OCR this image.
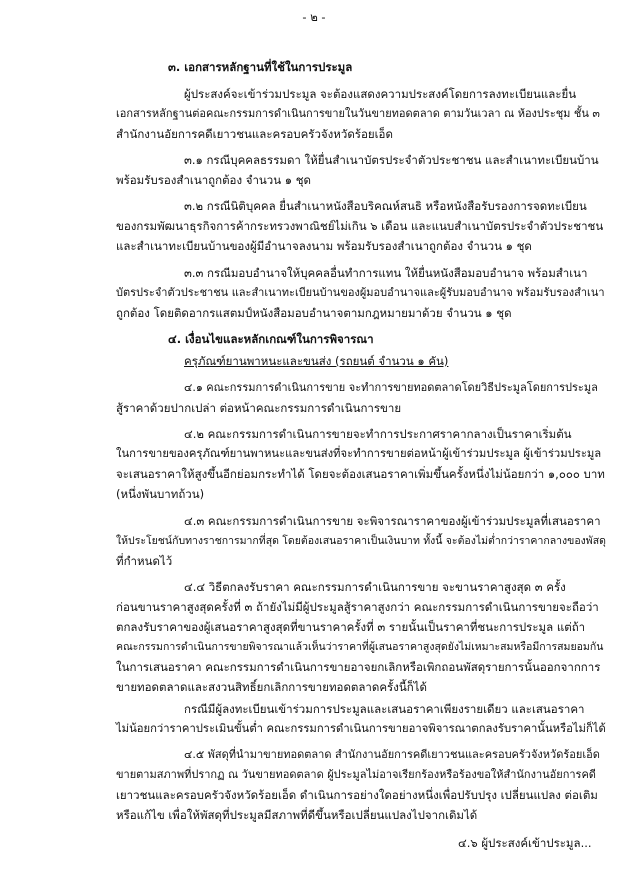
- ๒ -
๓. เอกสารหลักฐานที่ใช้ในการประมูล
ผู้ประสงค์จะเข้าร่วมประมูล จะต้องแสดงความประสงค์โดยการลงทะเบียนและยื่น
เอกสารหลักฐานต่อคณะกรรมการดำเนินการขายในวันขายทอดตลาด ตามวันเวลา ณ ห้องประชุม ชั้น ๓
สำนักงานอัยการคดีเยาวชนและครอบครัวจังหวัดร้อยเอ็ด
๓.๑ กรณีบุคคลธรรมดา ให้ยื่นสำเนาบัตรประจำตัวประชาชน และสำเนาทะเบียนบ้าน
พร้อมรับรองสำเนาถูกต้อง จำนวน ๑ ชุด
๓.๒ กรณีนิติบุคคล ยื่นสำเนาหนังสือบริคณห์สนธิ หรือหนังสือรับรองการจดทะเบียน
ของกรมพัฒนาธุรกิจการค้ากระทรวงพาณิชย์ไม่เกิน ๖ เดือน และแนบสำเนาบัตรประจำตัวประชาชน
และสำเนาทะเบียนบ้านของผู้มีอำนาจลงนาม พร้อมรับรองสำเนาถูกต้อง จำนวน ๑ ชุด
๓.๓ กรณีมอบอำนาจให้บุคคลอื่นทำการแทน ให้ยื่นหนังสือมอบอำนาจ พร้อมสำเนา
บัตรประจำตัวประชาชน และสำเนาทะเบียนบ้านของผู้มอบอำนาจและผู้รับมอบอำนาจ พร้อมรับรองสำเนา
ถูกต้อง โดยติดอากรแสตมป์หนังสือมอบอำนาจตามกฎหมายมาด้วย จำนวน ๑ ชุด
๔. เงื่อนไขและหลักเกณฑ์ในการพิจารณา
ครุภัณฑ์ยานพาหนะและขนส่ง (รถยนต์ จำนวน ๑ คัน)
๔.๑ คณะกรรมการดำเนินการขาย จะทำการขายทอดตลาดโดยวิธีประมูลโดยการประมูล
สู้ราคาด้วยปากเปล่า ต่อหน้าคณะกรรมการดำเนินการขาย
๔.๒ คณะกรรมการดำเนินการขายจะทำการประกาศราคากลางเป็นราคาเริ่มต้น
ในการขายของครุภัณฑ์ยานพาหนะและขนส่งที่จะทำการขายต่อหน้าผู้เข้าร่วมประมูล ผู้เข้าร่วมประมูล
จะเสนอราคาให้สูงขึ้นอีกย่อมกระทำได้ โดยจะต้องเสนอราคาเพิ่มขึ้นครั้งหนึ่งไม่น้อยกว่า ๑,๐๐๐ บาท
(หนึ่งพันบาทถ้วน)
๔.๓ คณะกรรมการดำเนินการขาย จะพิจารณาราคาของผู้เข้าร่วมประมูลที่เสนอราคา
ให้ประโยชน์กับทางราชการมากที่สุด โดยต้องเสนอราคาเป็นเงินบาท ทั้งนี้ จะต้องไม่ต่ำกว่าราคากลางของพัสดุ
ที่กำหนดไว้
๔.๔ วิธีตกลงรับราคา คณะกรรมการดำเนินการขาย จะขานราคาสูงสุด ๓ ครั้ง
ก่อนขานราคาสูงสุดครั้งที่ ๓ ถ้ายังไม่มีผู้ประมูลสู้ราคาสูงกว่า คณะกรรมการดำเนินการขายจะถือว่า
ตกลงรับราคาของผู้เสนอราคาสูงสุดที่ขานราคาครั้งที่ ๓ รายนั้นเป็นราคาที่ชนะการประมูล แต่ถ้า
คณะกรรมการดำเนินการขายพิจารณาแล้วเห็นว่าราคาที่ผู้เสนอราคาสูงสุดยังไม่เหมาะสมหรือมีการสมยอมกัน
ในการเสนอราคา คณะกรรมการดำเนินการขายอาจยกเลิกหรือเพิกถอนพัสดุรายการนั้นออกจากการ
ขายทอดตลาดและสงวนสิทธิ์ยกเลิกการขายทอดตลาดครั้งนี้ก็ได้
กรณีมีผู้ลงทะเบียนเข้าร่วมการประมูลและเสนอราคาเพียงรายเดียว และเสนอราคา
ไม่น้อยกว่าราคาประเมินขั้นต่ำ คณะกรรมการดำเนินการขายอาจพิจารณาตกลงรับราคานั้นหรือไม่ก็ได้
๔.๕ พัสดุที่นำมาขายทอดตลาด สำนักงานอัยการคดีเยาวชนและครอบครัวจังหวัดร้อยเอ็ด
ขายตามสภาพที่ปรากฏ ณ วันขายทอดตลาด ผู้ประมูลไม่อาจเรียกร้องหรือร้องขอให้สำนักงานอัยการคดี
เยาวชนและครอบครัวจังหวัดร้อยเอ็ด ดำเนินการอย่างใดอย่างหนึ่งเพื่อปรับปรุง เปลี่ยนแปลง ต่อเติม
หรือแก้ไข เพื่อให้พัสดุที่ประมูลมีสภาพที่ดีขึ้นหรือเปลี่ยนแปลงไปจากเดิมได้
๔.๖ ผู้ประสงค์เข้าประมูล...
